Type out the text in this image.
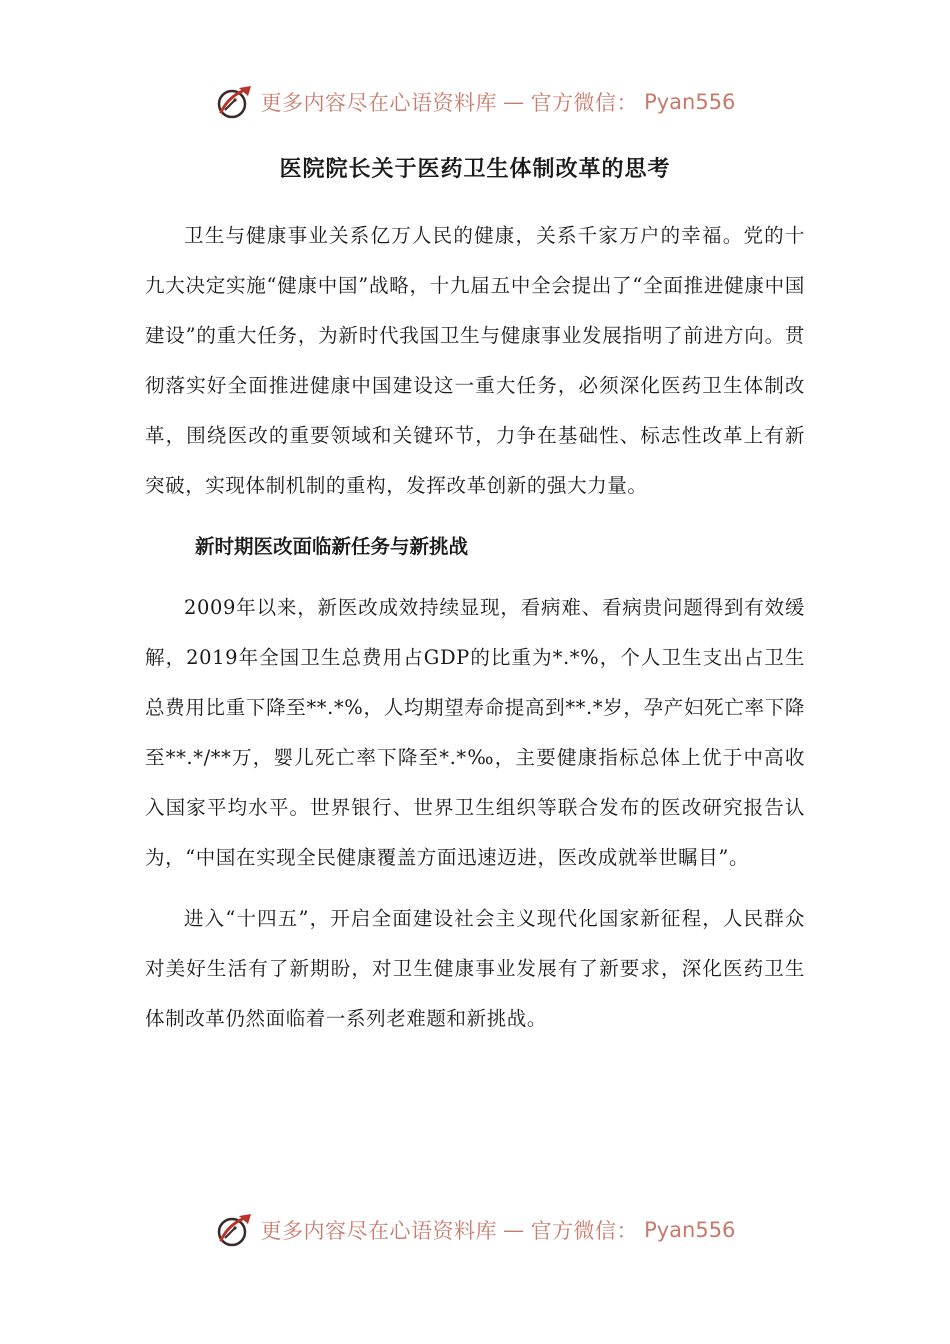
更多内容尽在心语资料库 — 官方微信： Pyan556
医院院长关于医药卫生体制改革的思考

卫生与健康事业关系亿万人民的健康，关系千家万户的幸福。党的十九大决定实施“健康中国”战略，十九届五中全会提出了“全面推进健康中国建设”的重大任务，为新时代我国卫生与健康事业发展指明了前进方向。贯彻落实好全面推进健康中国建设这一重大任务，必须深化医药卫生体制改革，围绕医改的重要领域和关键环节，力争在基础性、标志性改革上有新突破，实现体制机制的重构，发挥改革创新的强大力量。

新时期医改面临新任务与新挑战

2009年以来，新医改成效持续显现，看病难、看病贵问题得到有效缓解，2019年全国卫生总费用占GDP的比重为*.*%，个人卫生支出占卫生总费用比重下降至**.*%，人均期望寿命提高到**.*岁，孕产妇死亡率下降至**.*/**万，婴儿死亡率下降至*.*‰，主要健康指标总体上优于中高收入国家平均水平。世界银行、世界卫生组织等联合发布的医改研究报告认为，“中国在实现全民健康覆盖方面迅速迈进，医改成就举世瞩目”。

进入“十四五”，开启全面建设社会主义现代化国家新征程，人民群众对美好生活有了新期盼，对卫生健康事业发展有了新要求，深化医药卫生体制改革仍然面临着一系列老难题和新挑战。

更多内容尽在心语资料库 — 官方微信： Pyan556
